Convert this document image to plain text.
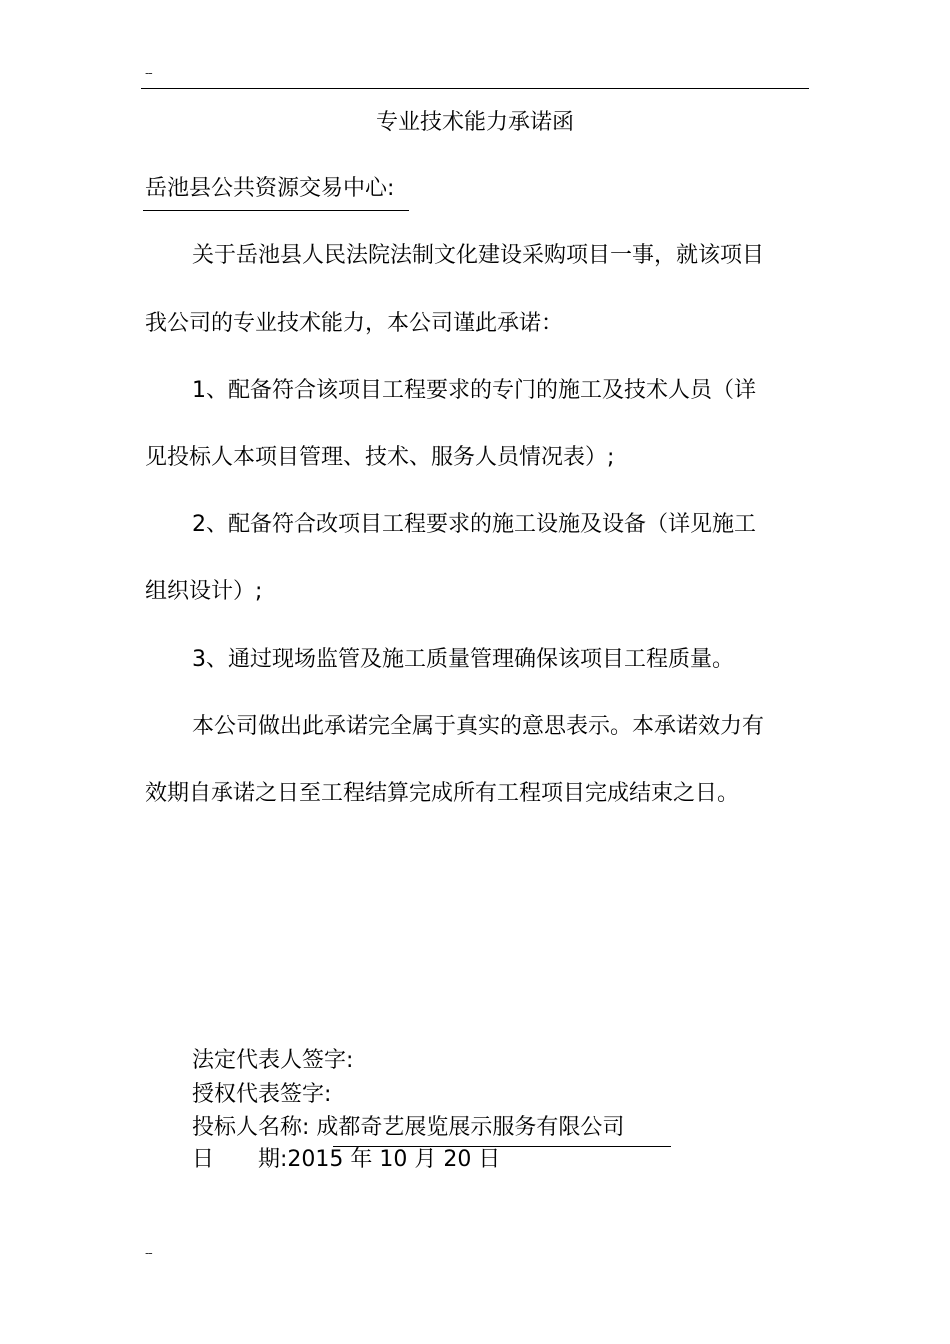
--
专业技术能力承诺函
岳池县公共资源交易中心:
关于岳池县人民法院法制文化建设采购项目一事，就该项目
我公司的专业技术能力，本公司谨此承诺：
1、配备符合该项目工程要求的专门的施工及技术人员（详
见投标人本项目管理、技术、服务人员情况表）;
2、配备符合改项目工程要求的施工设施及设备（详见施工
组织设计）;
3、通过现场监管及施工质量管理确保该项目工程质量。
本公司做出此承诺完全属于真实的意思表示。本承诺效力有
效期自承诺之日至工程结算完成所有工程项目完成结束之日。
法定代表人签字:
授权代表签字:
投标人名称: 成都奇艺展览展示服务有限公司
日　　期:2015 年 10 月 20 日
--
